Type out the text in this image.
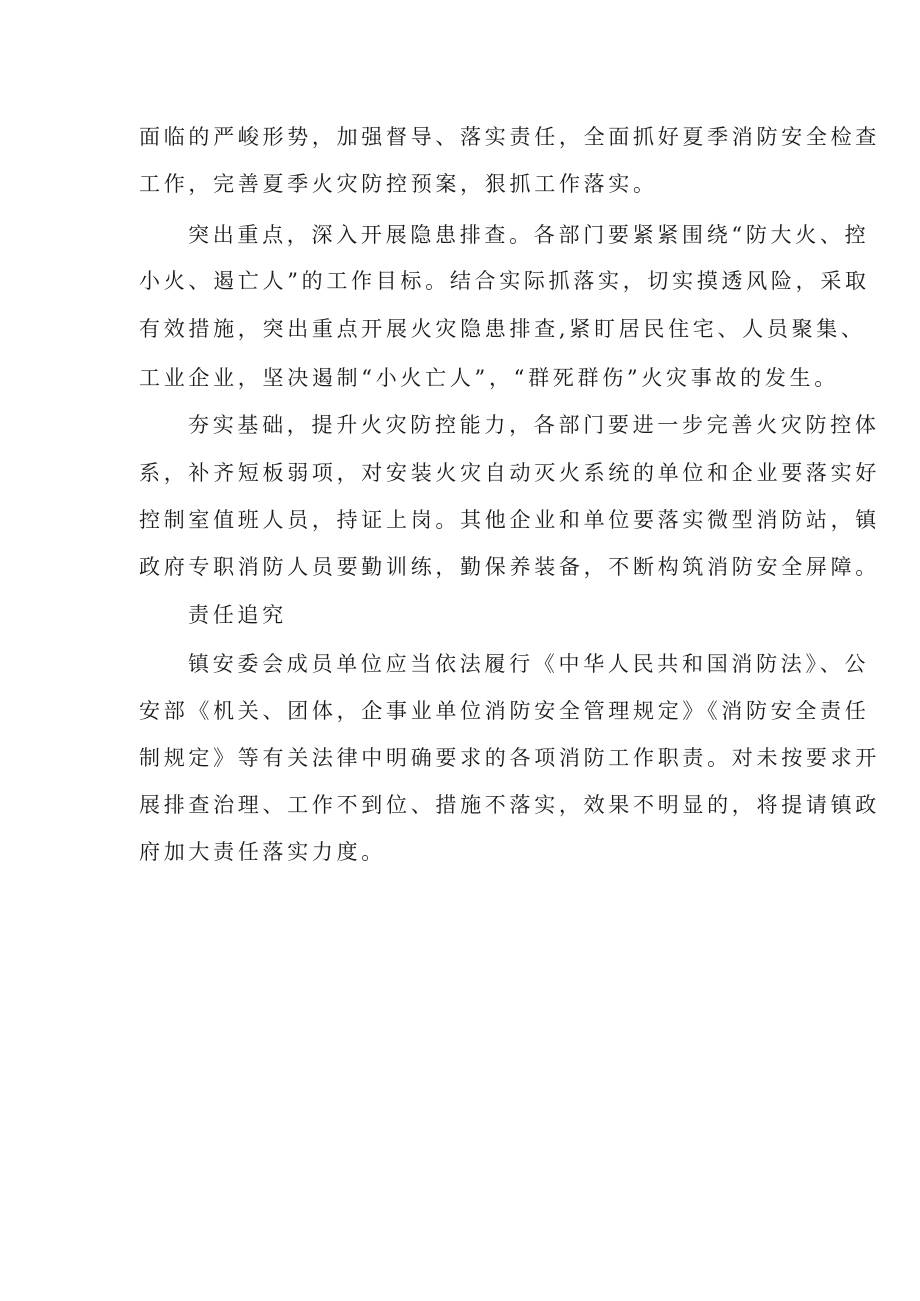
面临的严峻形势，加强督导、落实责任，全面抓好夏季消防安全检查
工作，完善夏季火灾防控预案，狠抓工作落实。
突出重点，深入开展隐患排查。各部门要紧紧围绕“防大火、控
小火、遏亡人”的工作目标。结合实际抓落实，切实摸透风险，采取
有效措施，突出重点开展火灾隐患排查,紧盯居民住宅、人员聚集、
工业企业，坚决遏制“小火亡人”，“群死群伤”火灾事故的发生。
夯实基础，提升火灾防控能力，各部门要进一步完善火灾防控体
系，补齐短板弱项，对安装火灾自动灭火系统的单位和企业要落实好
控制室值班人员，持证上岗。其他企业和单位要落实微型消防站，镇
政府专职消防人员要勤训练，勤保养装备，不断构筑消防安全屏障。
责任追究
镇安委会成员单位应当依法履行《中华人民共和国消防法》、公
安部《机关、团体，企事业单位消防安全管理规定》《消防安全责任
制规定》等有关法律中明确要求的各项消防工作职责。对未按要求开
展排查治理、工作不到位、措施不落实，效果不明显的，将提请镇政
府加大责任落实力度。
